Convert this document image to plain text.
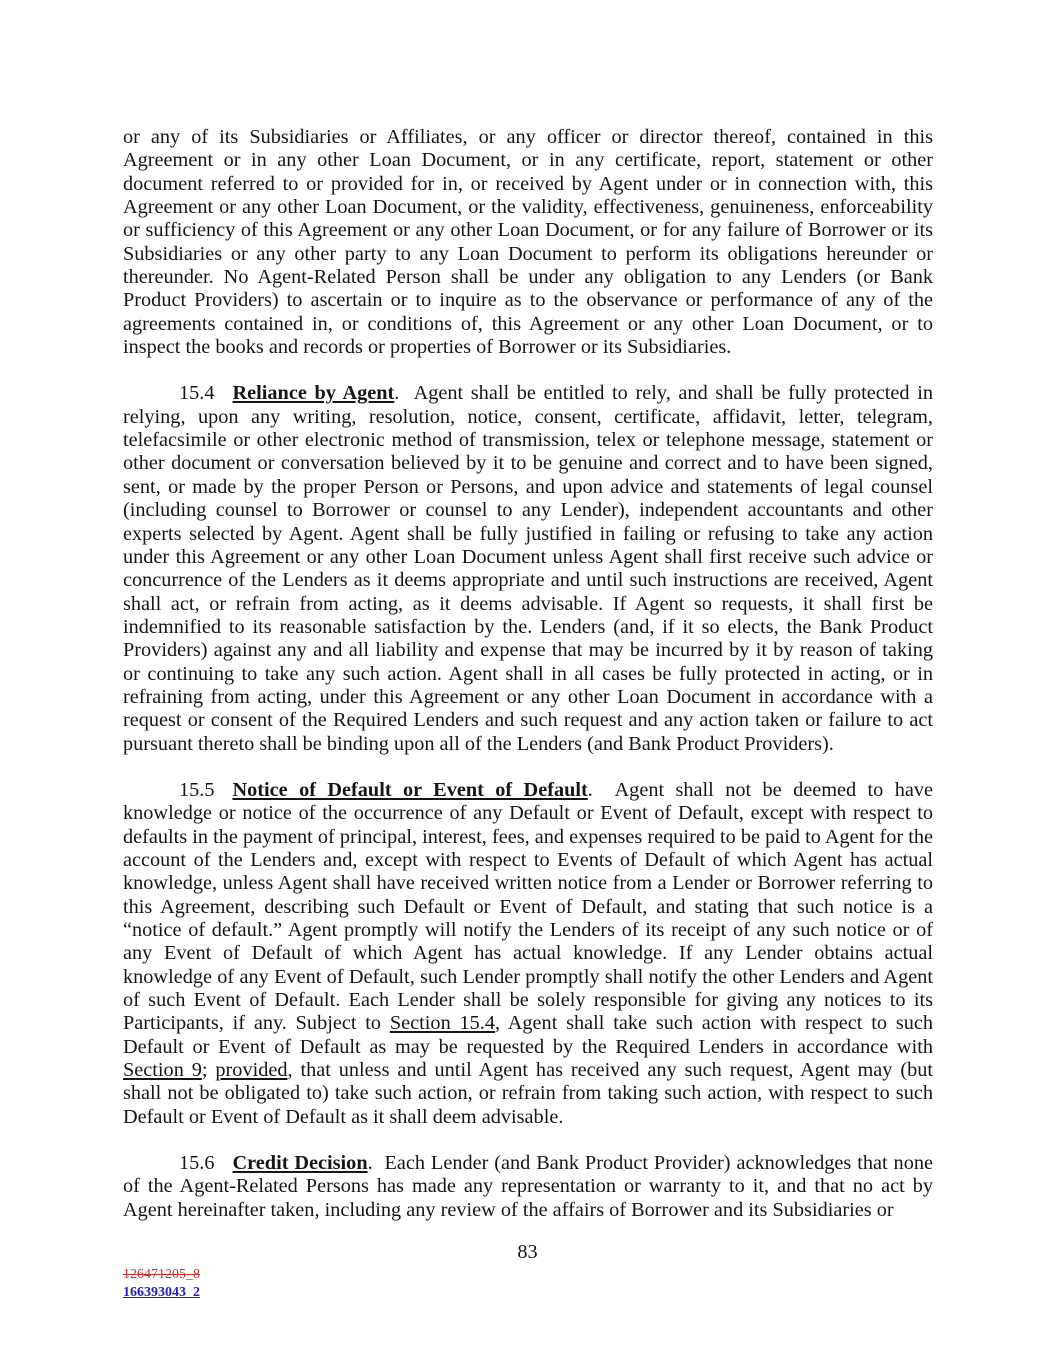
or any of its Subsidiaries or Affiliates, or any officer or director thereof, contained in this Agreement or in any other Loan Document, or in any certificate, report, statement or other document referred to or provided for in, or received by Agent under or in connection with, this Agreement or any other Loan Document, or the validity, effectiveness, genuineness, enforceability or sufficiency of this Agreement or any other Loan Document, or for any failure of Borrower or its Subsidiaries or any other party to any Loan Document to perform its obligations hereunder or thereunder. No Agent-Related Person shall be under any obligation to any Lenders (or Bank Product Providers) to ascertain or to inquire as to the observance or performance of any of the agreements contained in, or conditions of, this Agreement or any other Loan Document, or to inspect the books and records or properties of Borrower or its Subsidiaries.

15.4 Reliance by Agent.  Agent shall be entitled to rely, and shall be fully protected in relying, upon any writing, resolution, notice, consent, certificate, affidavit, letter, telegram, telefacsimile or other electronic method of transmission, telex or telephone message, statement or other document or conversation believed by it to be genuine and correct and to have been signed, sent, or made by the proper Person or Persons, and upon advice and statements of legal counsel (including counsel to Borrower or counsel to any Lender), independent accountants and other experts selected by Agent. Agent shall be fully justified in failing or refusing to take any action under this Agreement or any other Loan Document unless Agent shall first receive such advice or concurrence of the Lenders as it deems appropriate and until such instructions are received, Agent shall act, or refrain from acting, as it deems advisable. If Agent so requests, it shall first be indemnified to its reasonable satisfaction by the. Lenders (and, if it so elects, the Bank Product Providers) against any and all liability and expense that may be incurred by it by reason of taking or continuing to take any such action. Agent shall in all cases be fully protected in acting, or in refraining from acting, under this Agreement or any other Loan Document in accordance with a request or consent of the Required Lenders and such request and any action taken or failure to act pursuant thereto shall be binding upon all of the Lenders (and Bank Product Providers).

15.5 Notice of Default or Event of Default.  Agent shall not be deemed to have knowledge or notice of the occurrence of any Default or Event of Default, except with respect to defaults in the payment of principal, interest, fees, and expenses required to be paid to Agent for the account of the Lenders and, except with respect to Events of Default of which Agent has actual knowledge, unless Agent shall have received written notice from a Lender or Borrower referring to this Agreement, describing such Default or Event of Default, and stating that such notice is a “notice of default.” Agent promptly will notify the Lenders of its receipt of any such notice or of any Event of Default of which Agent has actual knowledge. If any Lender obtains actual knowledge of any Event of Default, such Lender promptly shall notify the other Lenders and Agent of such Event of Default. Each Lender shall be solely responsible for giving any notices to its Participants, if any. Subject to Section 15.4, Agent shall take such action with respect to such Default or Event of Default as may be requested by the Required Lenders in accordance with Section 9; provided, that unless and until Agent has received any such request, Agent may (but shall not be obligated to) take such action, or refrain from taking such action, with respect to such Default or Event of Default as it shall deem advisable.

15.6 Credit Decision.  Each Lender (and Bank Product Provider) acknowledges that none of the Agent-Related Persons has made any representation or warranty to it, and that no act by Agent hereinafter taken, including any review of the affairs of Borrower and its Subsidiaries or

83
126471205_8
166393043_2
